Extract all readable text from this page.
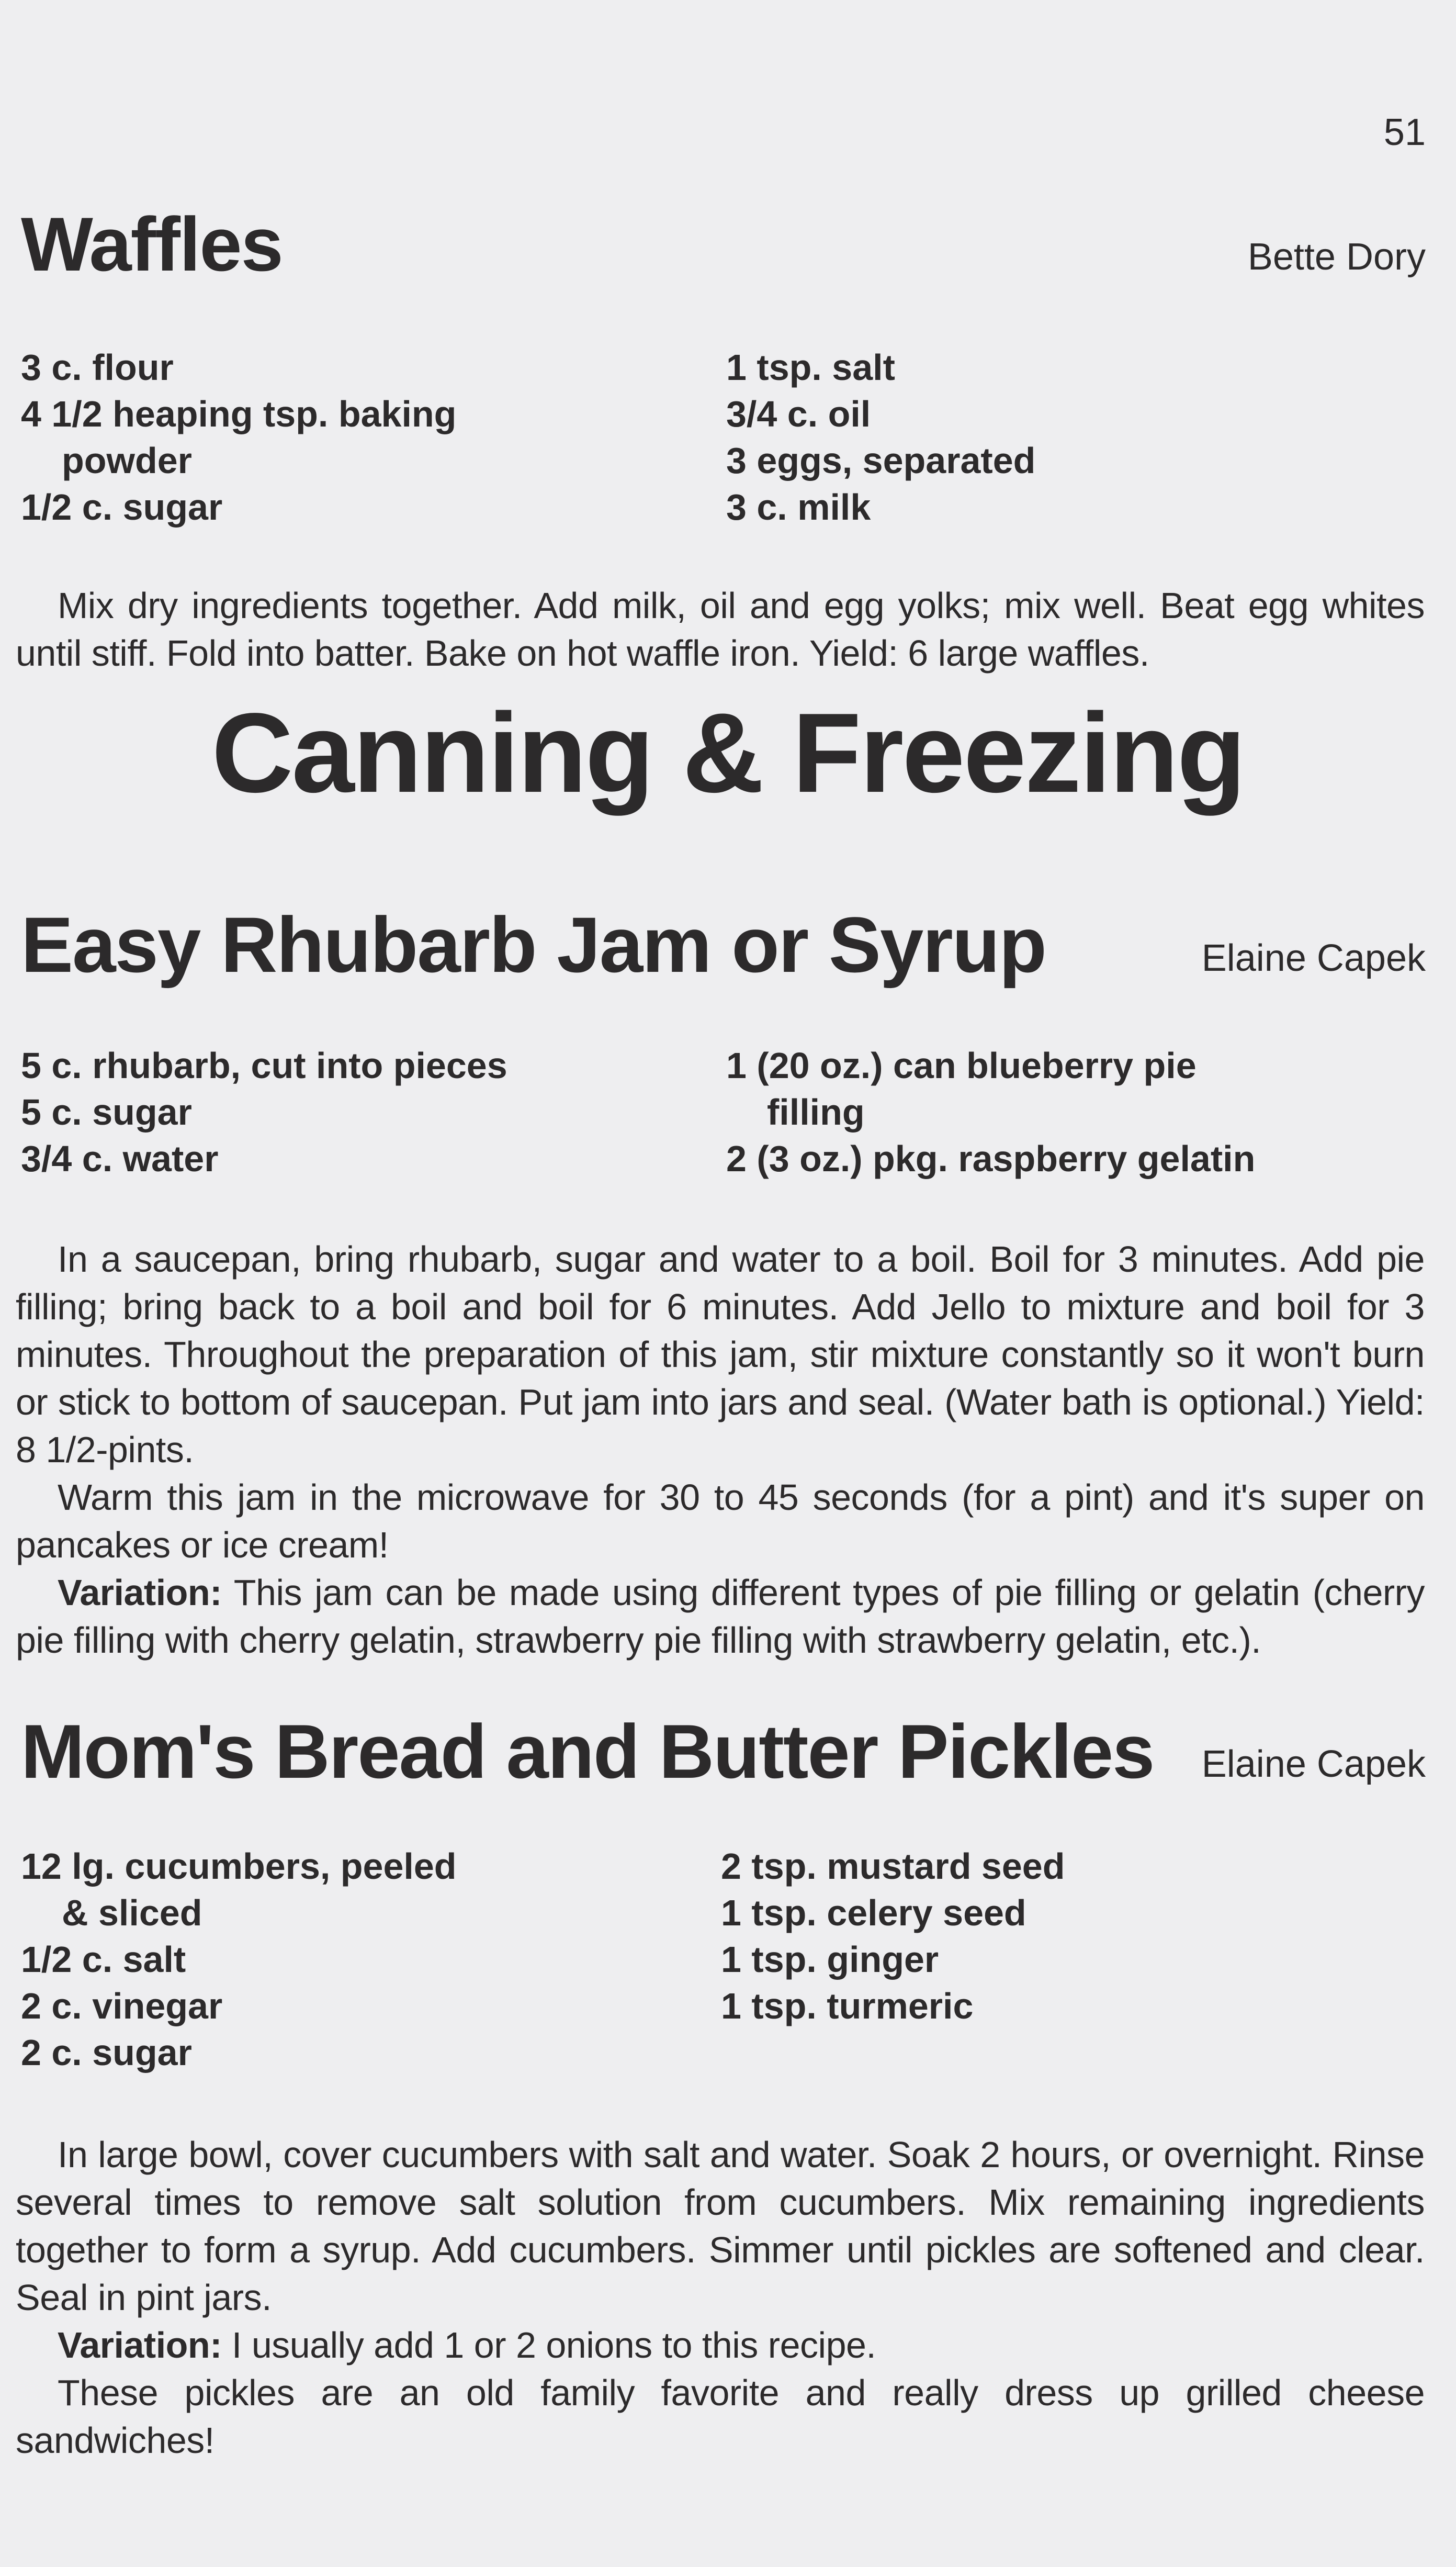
51
Waffles	Bette Dory
3 c. flour
4 1/2 heaping tsp. baking
powder
1/2 c. sugar
1 tsp. salt
3/4 c. oil
3 eggs, separated
3 c. milk

Mix dry ingredients together. Add milk, oil and egg yolks; mix well. Beat egg whites until stiff. Fold into batter. Bake on hot waffle iron. Yield: 6 large waffles.

Canning & Freezing
Easy Rhubarb Jam or Syrup	Elaine Capek
5 c. rhubarb, cut into pieces
5 c. sugar
3/4 c. water
1 (20 oz.) can blueberry pie
filling
2 (3 oz.) pkg. raspberry gelatin

In a saucepan, bring rhubarb, sugar and water to a boil. Boil for 3 minutes. Add pie filling; bring back to a boil and boil for 6 minutes. Add Jello to mixture and boil for 3 minutes. Throughout the preparation of this jam, stir mixture constantly so it won't burn or stick to bottom of saucepan. Put jam into jars and seal. (Water bath is optional.) Yield: 8 1/2-pints.

Warm this jam in the microwave for 30 to 45 seconds (for a pint) and it's super on pancakes or ice cream!

Variation: This jam can be made using different types of pie filling or gelatin (cherry pie filling with cherry gelatin, strawberry pie filling with strawberry gelatin, etc.).

Mom's Bread and Butter Pickles Elaine Capek
12 lg. cucumbers, peeled
& sliced
1/2 c. salt
2 c. vinegar
2 c. sugar
2 tsp. mustard seed
1 tsp. celery seed
1 tsp. ginger
1 tsp. turmeric

In large bowl, cover cucumbers with salt and water. Soak 2 hours, or overnight. Rinse several times to remove salt solution from cucumbers. Mix remaining ingredients together to form a syrup. Add cucumbers. Simmer until pickles are softened and clear. Seal in pint jars.

Variation: I usually add 1 or 2 onions to this recipe.

These pickles are an old family favorite and really dress up grilled cheese sandwiches!
